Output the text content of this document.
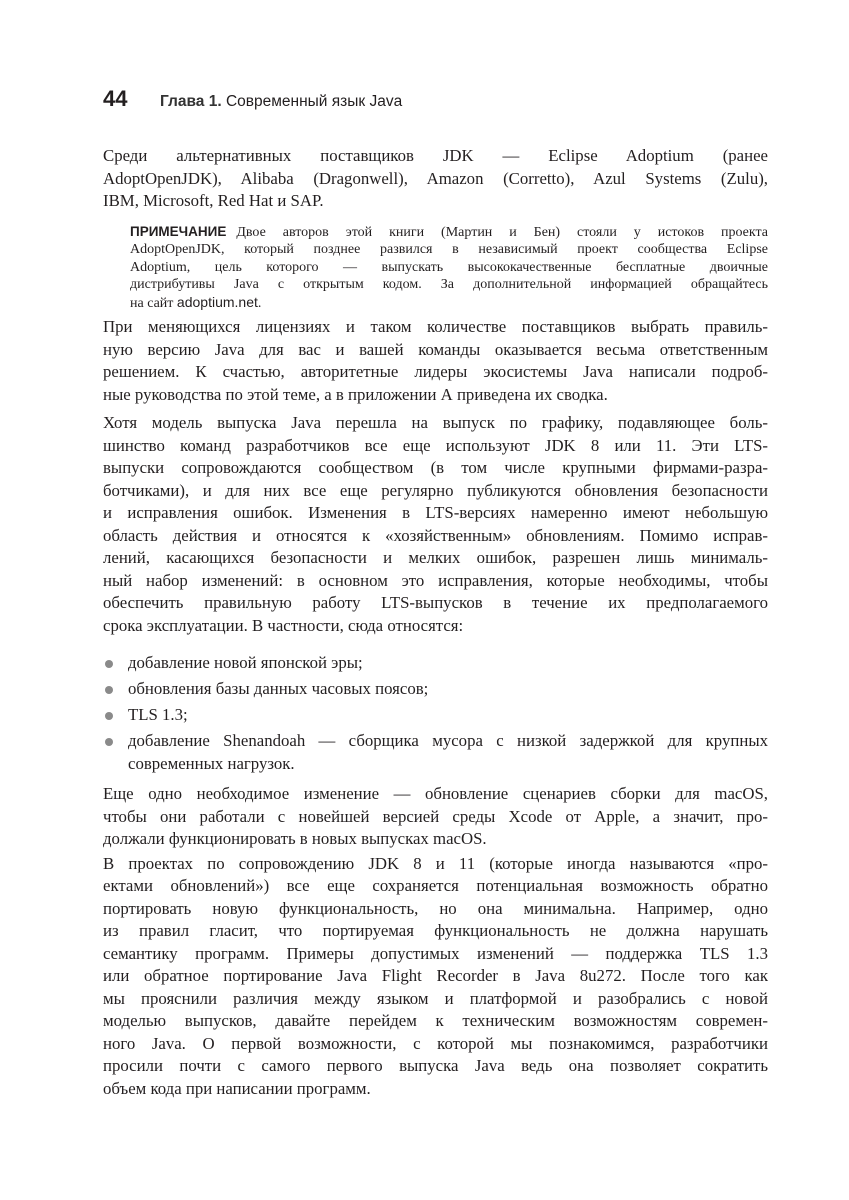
44	Глава 1. Современный язык Java
Среди альтернативных поставщиков JDK — Eclipse Adoptium (ранее
AdoptOpenJDK), Alibaba (Dragonwell), Amazon (Corretto), Azul Systems (Zulu),
IBM, Microsoft, Red Hat и SAP.
ПРИМЕЧАНИЕ Двое авторов этой книги (Мартин и Бен) стояли у истоков проекта
AdoptOpenJDK, который позднее развился в независимый проект сообщества Eclipse
Adoptium, цель которого — выпускать высококачественные бесплатные двоичные
дистрибутивы Java с открытым кодом. За дополнительной информацией обращайтесь
на сайт adoptium.net.
При меняющихся лицензиях и таком количестве поставщиков выбрать правиль-
ную версию Java для вас и вашей команды оказывается весьма ответственным
решением. К счастью, авторитетные лидеры экосистемы Java написали подроб-
ные руководства по этой теме, а в приложении А приведена их сводка.
Хотя модель выпуска Java перешла на выпуск по графику, подавляющее боль-
шинство команд разработчиков все еще используют JDK 8 или 11. Эти LTS-
выпуски сопровождаются сообществом (в том числе крупными фирмами-разра-
ботчиками), и для них все еще регулярно публикуются обновления безопасности
и исправления ошибок. Изменения в LTS-версиях намеренно имеют небольшую
область действия и относятся к «хозяйственным» обновлениям. Помимо исправ-
лений, касающихся безопасности и мелких ошибок, разрешен лишь минималь-
ный набор изменений: в основном это исправления, которые необходимы, чтобы
обеспечить правильную работу LTS-выпусков в течение их предполагаемого
срока эксплуатации. В частности, сюда относятся:
добавление новой японской эры;
обновления базы данных часовых поясов;
TLS 1.3;
добавление Shenandoah — сборщика мусора с низкой задержкой для крупных
современных нагрузок.
Еще одно необходимое изменение — обновление сценариев сборки для macOS,
чтобы они работали с новейшей версией среды Xcode от Apple, а значит, про-
должали функционировать в новых выпусках macOS.
В проектах по сопровождению JDK 8 и 11 (которые иногда называются «про-
ектами обновлений») все еще сохраняется потенциальная возможность обратно
портировать новую функциональность, но она минимальна. Например, одно
из правил гласит, что портируемая функциональность не должна нарушать
семантику программ. Примеры допустимых изменений — поддержка TLS 1.3
или обратное портирование Java Flight Recorder в Java 8u272. После того как
мы прояснили различия между языком и платформой и разобрались с новой
моделью выпусков, давайте перейдем к техническим возможностям современ-
ного Java. О первой возможности, с которой мы познакомимся, разработчики
просили почти с самого первого выпуска Java ведь она позволяет сократить
объем кода при написании программ.
